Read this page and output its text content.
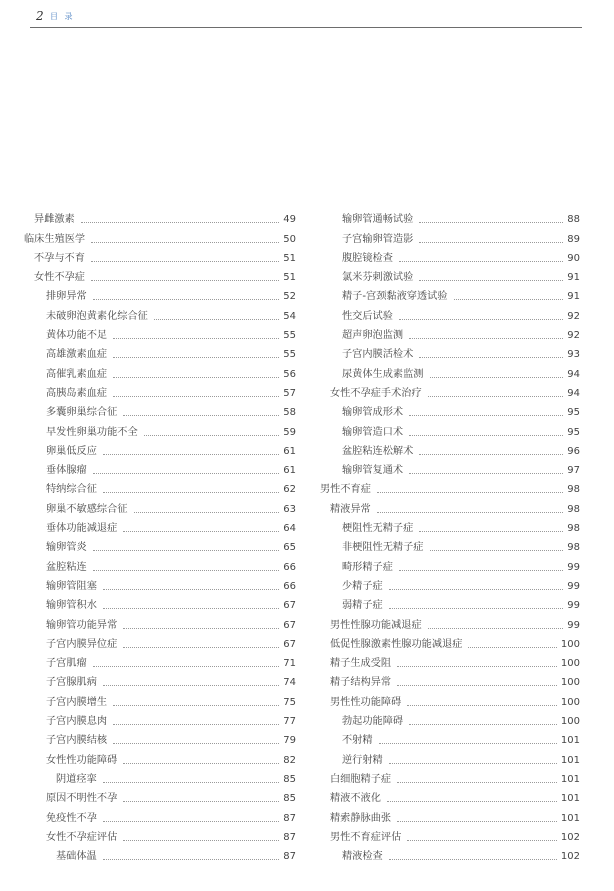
2 目 录
异雌激素	49
临床生殖医学	50
不孕与不育	51
女性不孕症	51
排卵异常	52
未破卵泡黄素化综合征	54
黄体功能不足	55
高雄激素血症	55
高催乳素血症	56
高胰岛素血症	57
多囊卵巢综合征	58
早发性卵巢功能不全	59
卵巢低反应	61
垂体腺瘤	61
特纳综合征	62
卵巢不敏感综合征	63
垂体功能减退症	64
输卵管炎	65
盆腔粘连	66
输卵管阻塞	66
输卵管积水	67
输卵管功能异常	67
子宫内膜异位症	67
子宫肌瘤	71
子宫腺肌病	74
子宫内膜增生	75
子宫内膜息肉	77
子宫内膜结核	79
女性性功能障碍	82
阴道痉挛	85
原因不明性不孕	85
免疫性不孕	87
女性不孕症评估	87
基础体温	87
输卵管通畅试验	88
子宫输卵管造影	89
腹腔镜检查	90
氯米芬刺激试验	91
精子-宫颈黏液穿透试验	91
性交后试验	92
超声卵泡监测	92
子宫内膜活检术	93
尿黄体生成素监测	94
女性不孕症手术治疗	94
输卵管成形术	95
输卵管造口术	95
盆腔粘连松解术	96
输卵管复通术	97
男性不育症	98
精液异常	98
梗阻性无精子症	98
非梗阻性无精子症	98
畸形精子症	99
少精子症	99
弱精子症	99
男性性腺功能减退症	99
低促性腺激素性腺功能减退症	100
精子生成受阻	100
精子结构异常	100
男性性功能障碍	100
勃起功能障碍	100
不射精	101
逆行射精	101
白细胞精子症	101
精液不液化	101
精索静脉曲张	101
男性不育症评估	102
精液检查	102
